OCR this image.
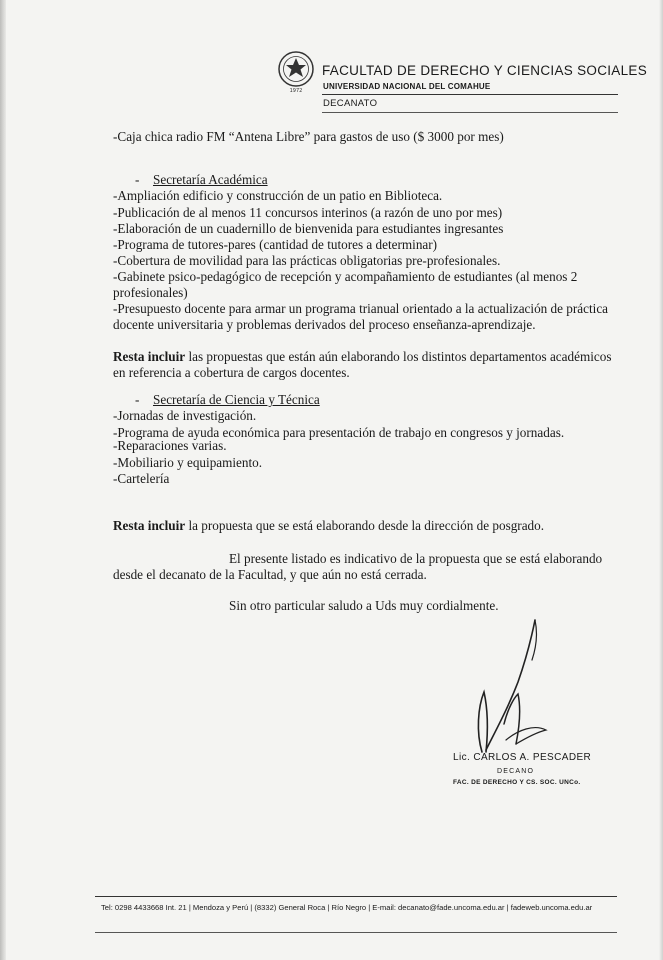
1972
FACULTAD DE DERECHO Y CIENCIAS SOCIALES
UNIVERSIDAD NACIONAL DEL COMAHUE
DECANATO
-Caja chica radio FM “Antena Libre” para gastos de uso ($ 3000 por mes)
- Secretaría Académica
-Ampliación edificio y construcción de un patio en Biblioteca.
-Publicación de al menos 11 concursos interinos (a razón de uno por mes)
-Elaboración de un cuadernillo de bienvenida para estudiantes ingresantes
-Programa de tutores-pares (cantidad de tutores a determinar)
-Cobertura de movilidad para las prácticas obligatorias pre-profesionales.
-Gabinete psico-pedagógico de recepción y acompañamiento de estudiantes (al menos 2
profesionales)
-Presupuesto docente para armar un programa trianual orientado a la actualización de práctica
docente universitaria y problemas derivados del proceso enseñanza-aprendizaje.
Resta incluir las propuestas que están aún elaborando los distintos departamentos académicos
en referencia a cobertura de cargos docentes.
- Secretaría de Ciencia y Técnica
-Jornadas de investigación.
-Programa de ayuda económica para presentación de trabajo en congresos y jornadas.
-Reparaciones varias.
-Mobiliario y equipamiento.
-Cartelería
Resta incluir la propuesta que se está elaborando desde la dirección de posgrado.
El presente listado es indicativo de la propuesta que se está elaborando
desde el decanato de la Facultad, y que aún no está cerrada.
Sin otro particular saludo a Uds muy cordialmente.
Lic. CARLOS A. PESCADER
DECANO
FAC. DE DERECHO Y CS. SOC. UNCo.
Tel: 0298 4433668 Int. 21 | Mendoza y Perú | (8332) General Roca | Río Negro | E-mail: decanato@fade.uncoma.edu.ar | fadeweb.uncoma.edu.ar
